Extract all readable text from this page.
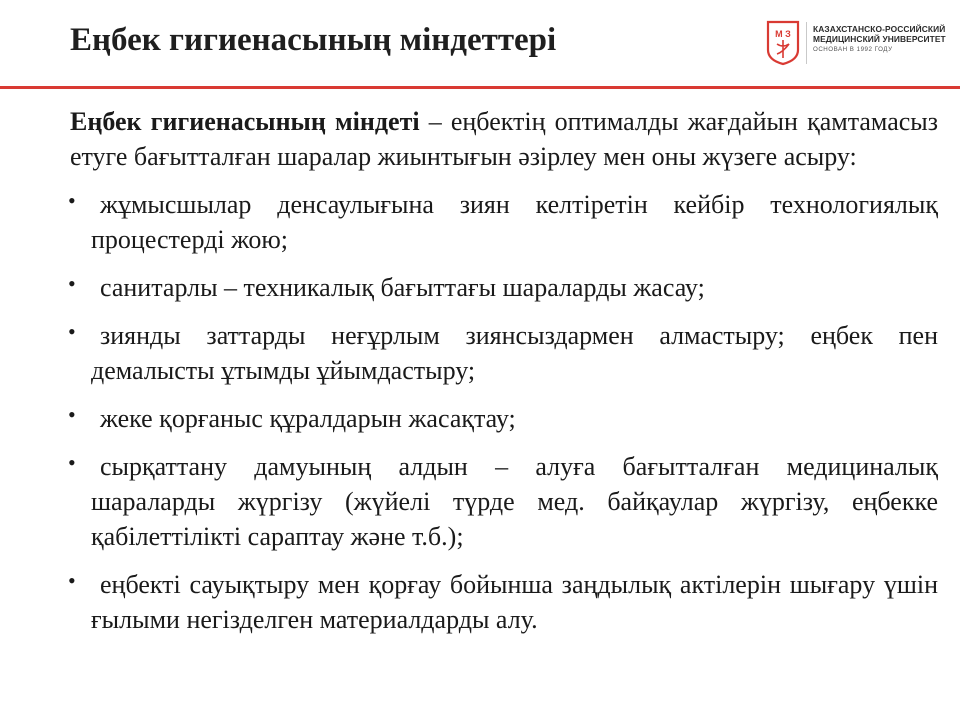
Еңбек гигиенасының міндеттері	М З	КАЗАХСТАНСКО-РОССИЙСКИЙ
МЕДИЦИНСКИЙ УНИВЕРСИТЕТ
ОСНОВАН В 1992 ГОДУ

Еңбек гигиенасының міндеті – еңбектің оптималды жағдайын қамтамасыз етуге бағытталған шаралар жиынтығын әзірлеу мен оны жүзеге асыру:

• жұмысшылар денсаулығына зиян келтіретін кейбір технологиялық процестерді жою;
• санитарлы – техникалық бағыттағы шараларды жасау;
• зиянды заттарды неғұрлым зиянсыздармен алмастыру; еңбек пен демалысты ұтымды ұйымдастыру;
• жеке қорғаныс құралдарын жасақтау;
• сырқаттану дамуының алдын – алуға бағытталған медициналық шараларды жүргізу (жүйелі түрде мед. байқаулар жүргізу, еңбекке қабілеттілікті сараптау және т.б.);
• еңбекті сауықтыру мен қорғау бойынша заңдылық актілерін шығару үшін ғылыми негізделген материалдарды алу.
